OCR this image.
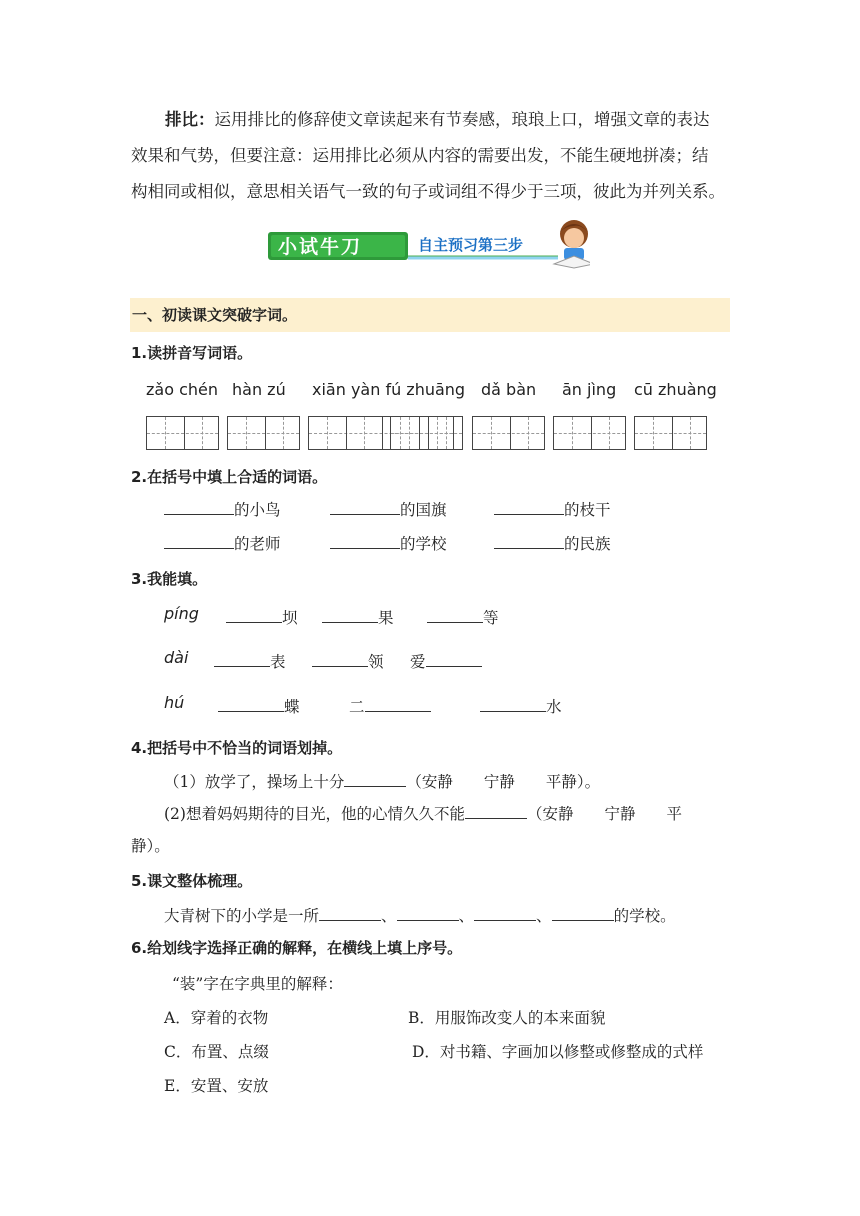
排比：运用排比的修辞使文章读起来有节奏感，琅琅上口，增强文章的表达
效果和气势，但要注意：运用排比必须从内容的需要出发，不能生硬地拼凑；结
构相同或相似，意思相关语气一致的句子或词组不得少于三项，彼此为并列关系。
小试牛刀	自主预习第三步
一、初读课文突破字词。
1.读拼音写词语。
zǎo chén hàn zú xiān yàn fú zhuāng dǎ bàn ān jìng cū zhuàng
2.在括号中填上合适的词语。
的小鸟	的国旗	的枝干
的老师	的学校	的民族
3.我能填。
píng	坝	果	等
dài	表	领 爱
hú	蝶	二	水
4.把括号中不恰当的词语划掉。
（1）放学了，操场上十分	（安静　　宁静　　平静）。
(2)想着妈妈期待的目光，他的心情久久不能	（安静　　宁静　　平
静）。
5.课文整体梳理。
大青树下的小学是一所	、	、	、	的学校。
6.给划线字选择正确的解释，在横线上填上序号。
“装”字在字典里的解释：
A．穿着的衣物	B．用服饰改变人的本来面貌
C．布置、点缀	D．对书籍、字画加以修整或修整成的式样
E．安置、安放
